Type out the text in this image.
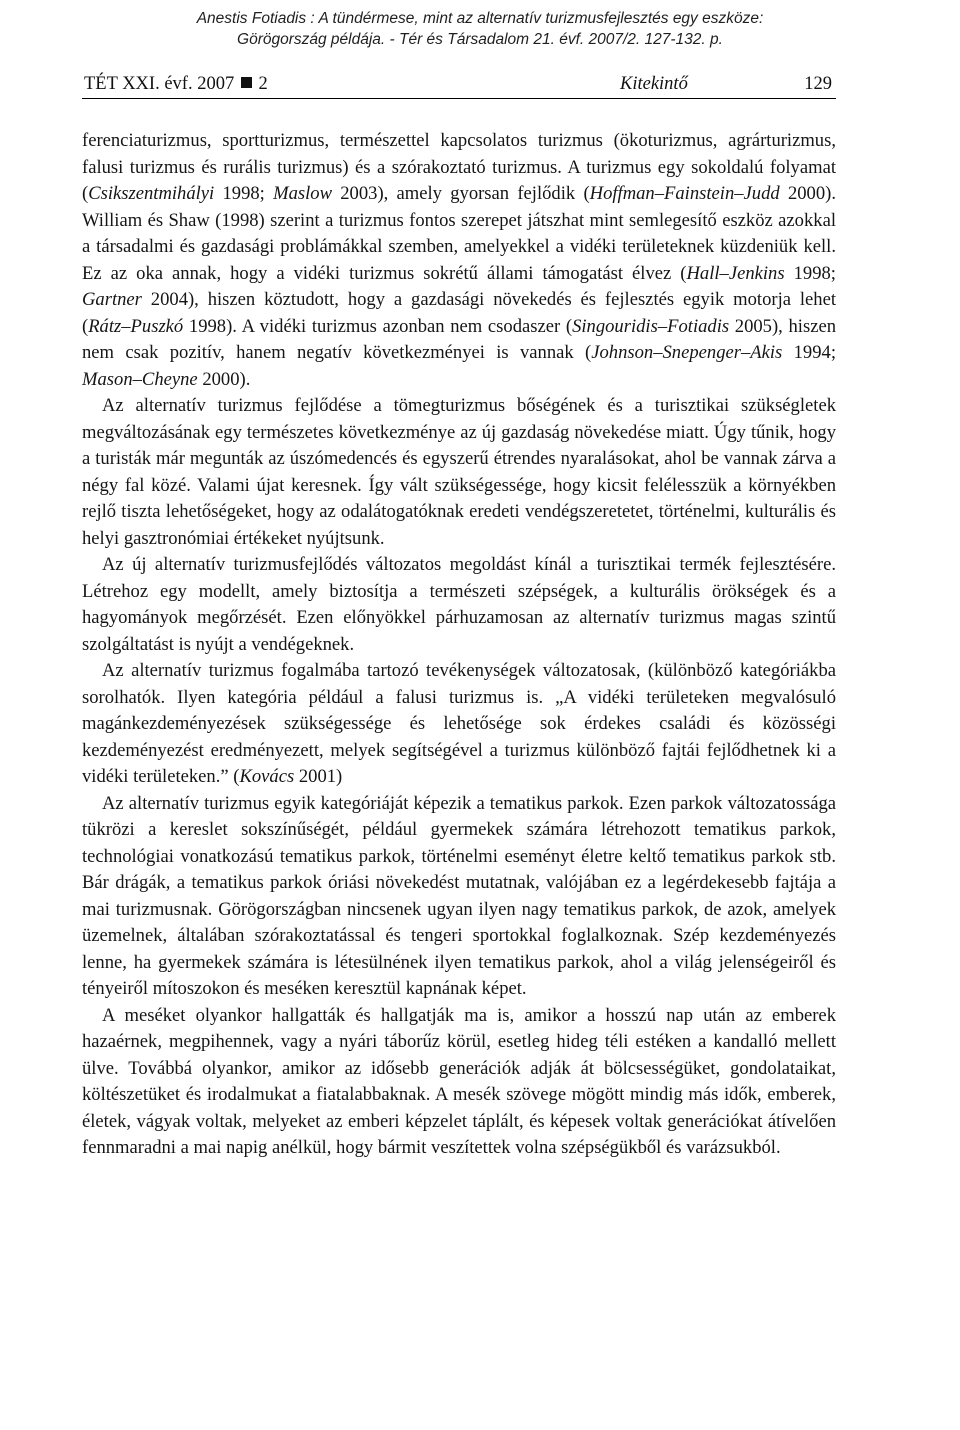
Anestis Fotiadis : A tündérmese, mint az alternatív turizmusfejlesztés egy eszköze:
Görögország példája. - Tér és Társadalom 21. évf. 2007/2. 127-132. p.
TÉT XXI. évf. 2007 2	Kitekintő	129

ferenciaturizmus, sportturizmus, természettel kapcsolatos turizmus (ökoturizmus, agrárturizmus, falusi turizmus és rurális turizmus) és a szórakoztató turizmus. A turizmus egy sokoldalú folyamat (Csikszentmihályi 1998; Maslow 2003), amely gyorsan fejlődik (Hoffman–Fainstein–Judd 2000). William és Shaw (1998) szerint a turizmus fontos szerepet játszhat mint semlegesítő eszköz azokkal a társadalmi és gazdasági problámákkal szemben, amelyekkel a vidéki területeknek küzdeniük kell. Ez az oka annak, hogy a vidéki turizmus sokrétű állami támogatást élvez (Hall–Jenkins 1998; Gartner 2004), hiszen köztudott, hogy a gazdasági növekedés és fejlesztés egyik motorja lehet (Rátz–Puszkó 1998). A vidéki turizmus azonban nem csodaszer (Singouridis–Fotiadis 2005), hiszen nem csak pozitív, hanem negatív következményei is vannak (Johnson–Snepenger–Akis 1994; Mason–Cheyne 2000).

Az alternatív turizmus fejlődése a tömegturizmus bőségének és a turisztikai szükségletek megváltozásának egy természetes következménye az új gazdaság növekedése miatt. Úgy tűnik, hogy a turisták már megunták az úszómedencés és egyszerű étrendes nyaralásokat, ahol be vannak zárva a négy fal közé. Valami újat keresnek. Így vált szükségessége, hogy kicsit felélesszük a környékben rejlő tiszta lehetőségeket, hogy az odalátogatóknak eredeti vendégszeretetet, történelmi, kulturális és helyi gasztronómiai értékeket nyújtsunk.

Az új alternatív turizmusfejlődés változatos megoldást kínál a turisztikai termék fejlesztésére. Létrehoz egy modellt, amely biztosítja a természeti szépségek, a kulturális örökségek és a hagyományok megőrzését. Ezen előnyökkel párhuzamosan az alternatív turizmus magas szintű szolgáltatást is nyújt a vendégeknek.

Az alternatív turizmus fogalmába tartozó tevékenységek változatosak, (különböző kategóriákba sorolhatók. Ilyen kategória például a falusi turizmus is. „A vidéki területeken megvalósuló magánkezdeményezések szükségessége és lehetősége sok érdekes családi és közösségi kezdeményezést eredményezett, melyek segítségével a turizmus különböző fajtái fejlődhetnek ki a vidéki területeken.” (Kovács 2001)

Az alternatív turizmus egyik kategóriáját képezik a tematikus parkok. Ezen parkok változatossága tükrözi a kereslet sokszínűségét, például gyermekek számára létrehozott tematikus parkok, technológiai vonatkozású tematikus parkok, történelmi eseményt életre keltő tematikus parkok stb. Bár drágák, a tematikus parkok óriási növekedést mutatnak, valójában ez a legérdekesebb fajtája a mai turizmusnak. Görögországban nincsenek ugyan ilyen nagy tematikus parkok, de azok, amelyek üzemelnek, általában szórakoztatással és tengeri sportokkal foglalkoznak. Szép kezdeményezés lenne, ha gyermekek számára is létesülnének ilyen tematikus parkok, ahol a világ jelenségeiről és tényeiről mítoszokon és meséken keresztül kapnának képet.

A meséket olyankor hallgatták és hallgatják ma is, amikor a hosszú nap után az emberek hazaérnek, megpihennek, vagy a nyári táborűz körül, esetleg hideg téli estéken a kandalló mellett ülve. Továbbá olyankor, amikor az idősebb generációk adják át bölcsességüket, gondolataikat, költészetüket és irodalmukat a fiatalabbaknak. A mesék szövege mögött mindig más idők, emberek, életek, vágyak voltak, melyeket az emberi képzelet táplált, és képesek voltak generációkat átívelően fennmaradni a mai napig anélkül, hogy bármit veszítettek volna szépségükből és varázsukból.
